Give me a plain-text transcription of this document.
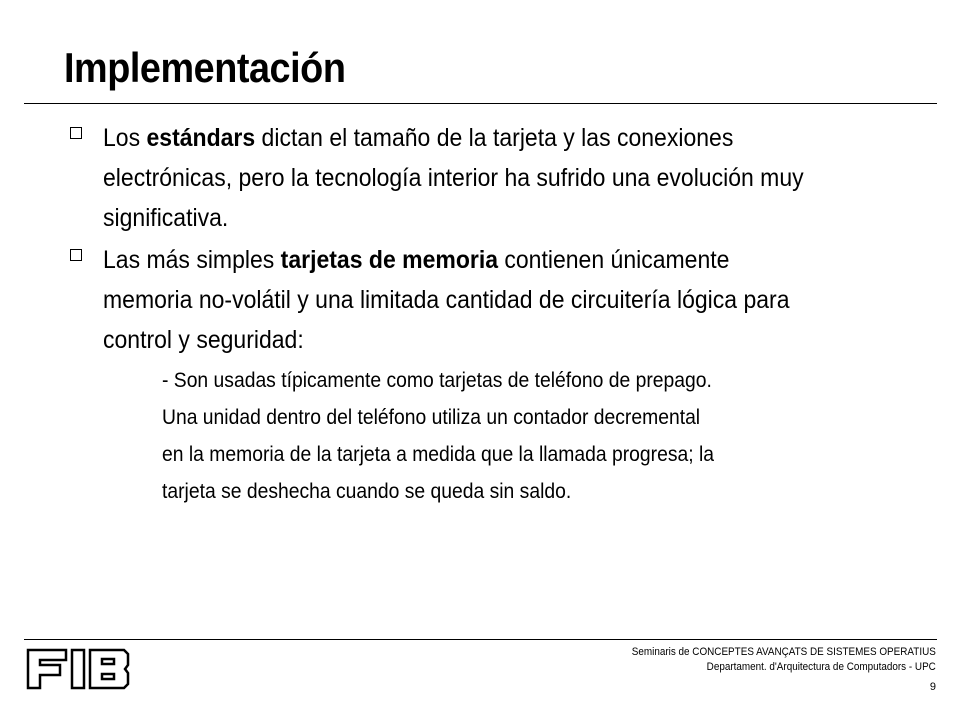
Implementación
Los estándars dictan el tamaño de la tarjeta y las conexiones
electrónicas, pero la tecnología interior ha sufrido una evolución muy
significativa.
Las más simples tarjetas de memoria contienen únicamente
memoria no-volátil y una limitada cantidad de circuitería lógica para
control y seguridad:
- Son usadas típicamente como tarjetas de teléfono de prepago.
Una unidad dentro del teléfono utiliza un contador decremental
en la memoria de la tarjeta a medida que la llamada progresa; la
tarjeta se deshecha cuando se queda sin saldo.
Seminaris de CONCEPTES AVANÇATS DE SISTEMES OPERATIUS
Departament. d'Arquitectura de Computadors - UPC
9
